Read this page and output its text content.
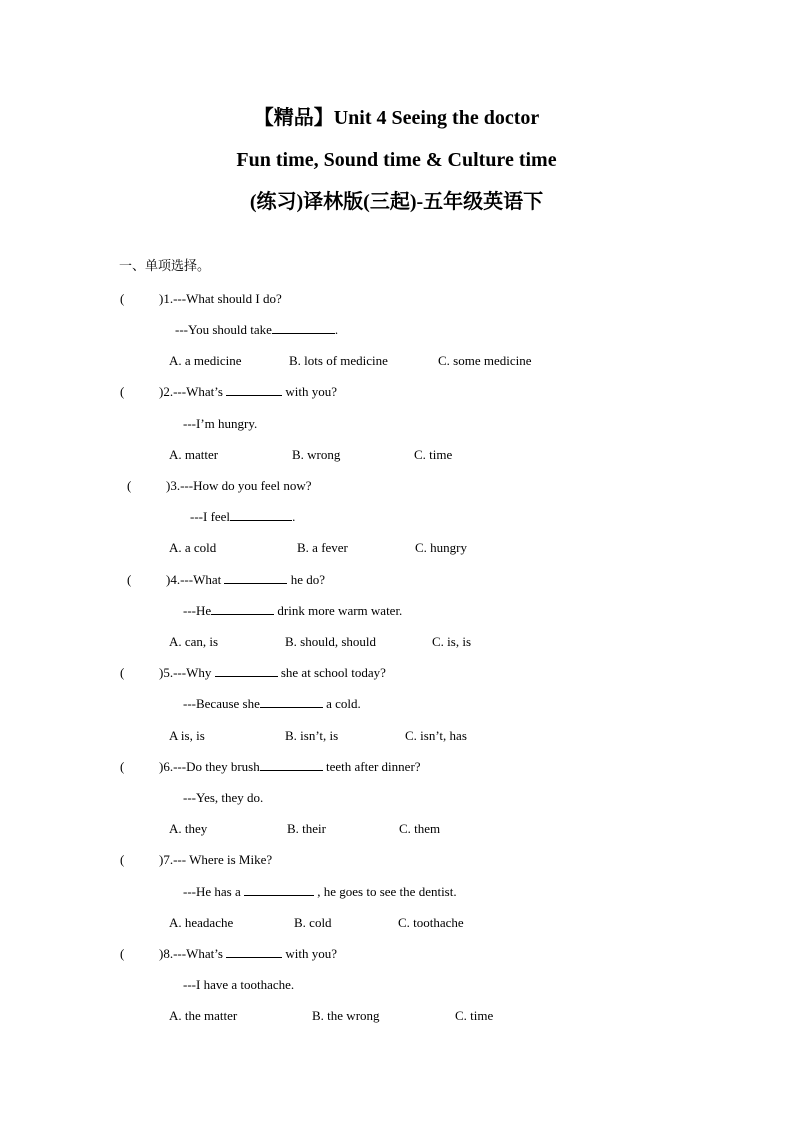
【精品】Unit 4 Seeing the doctor
Fun time, Sound time & Culture time
(练习)译林版(三起)-五年级英语下
一、单项选择。
(	)1.---What should I do?
---You should take	.
A. a medicine	B. lots of medicine	C. some medicine
(	)2.---What’s	with you?
---I’m hungry.
A. matter	B. wrong	C. time
(	)3.---How do you feel now?
---I feel	.
A. a cold	B. a fever	C. hungry
(	)4.---What	he do?
---He	drink more warm water.
A. can, is	B. should, should	C. is, is
(	)5.---Why	she at school today?
---Because she	a cold.
A is, is	B. isn’t, is	C. isn’t, has
(	)6.---Do they brush	teeth after dinner?
---Yes, they do.
A. they	B. their	C. them
(	)7.--- Where is Mike?
---He has a	, he goes to see the dentist.
A. headache	B. cold	C. toothache
(	)8.---What’s	with you?
---I have a toothache.
A. the matter	B. the wrong	C. time
